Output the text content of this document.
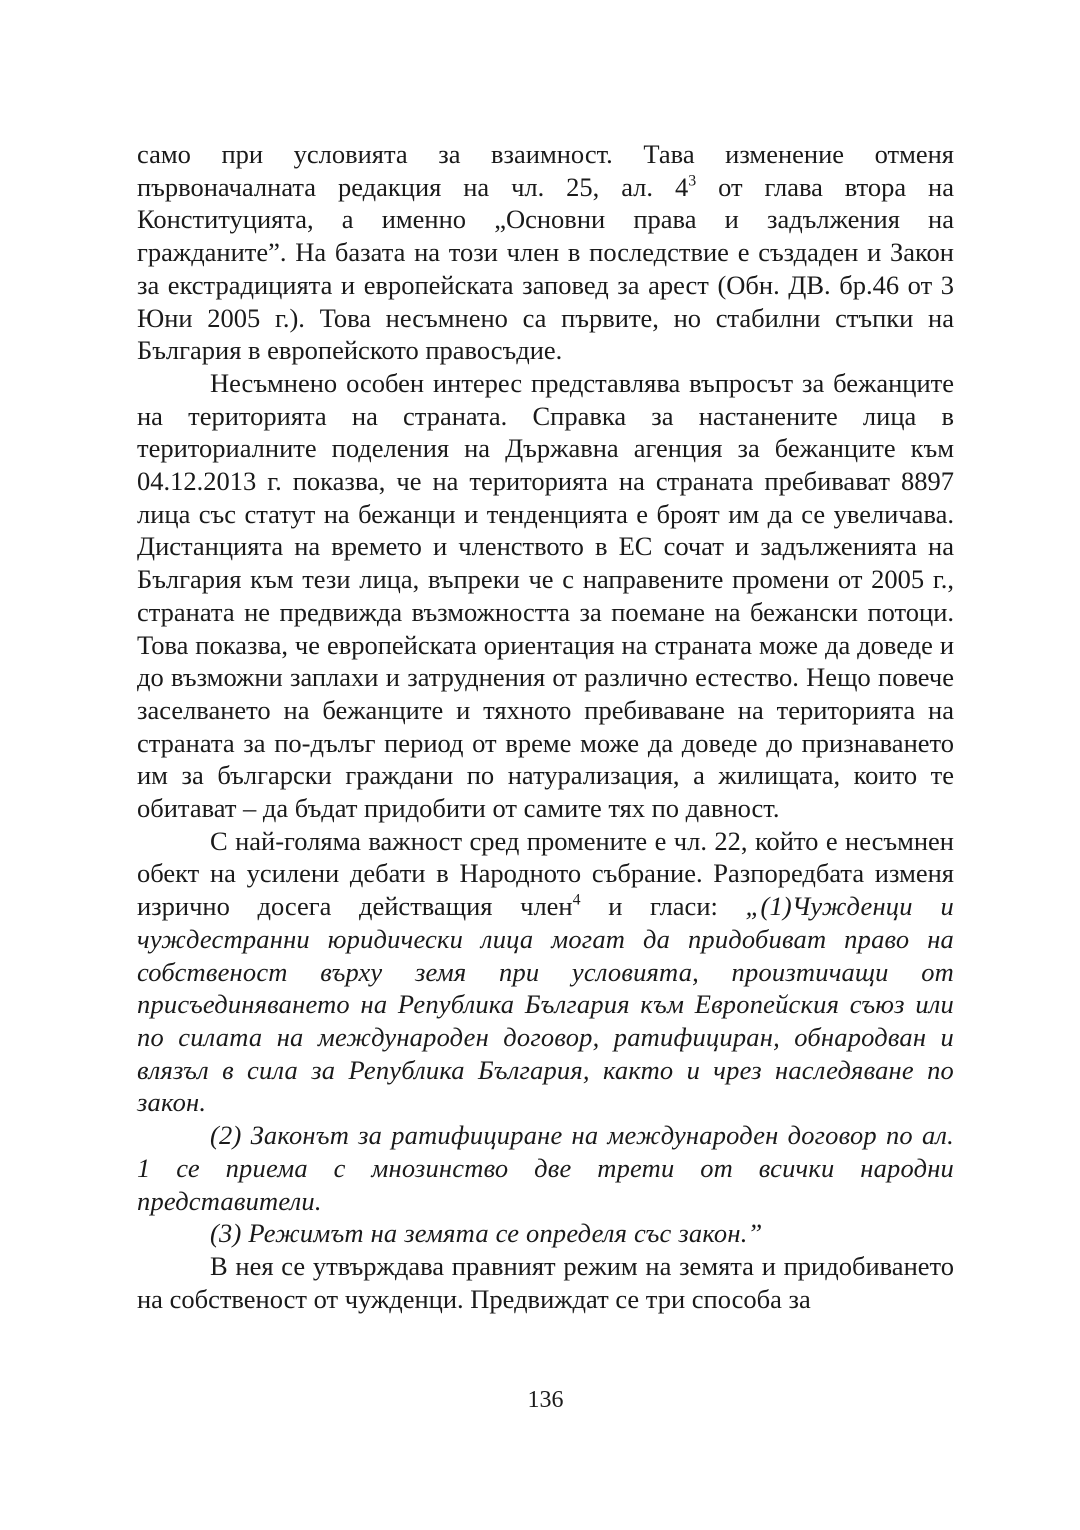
само при условията за взаимност. Тава изменение отменя първоначалната редакция на чл. 25, ал. $4^3$ от глава втора на Конституцията, а именно „Основни права и задължения на гражданите”. На базата на този член в последствие е създаден и Закон за екстрадицията и европейската заповед за арест (Обн. ДВ. бр.46 от 3 Юни 2005 г.). Това несъмнено са първите, но стабилни стъпки на България в европейското правосъдие.

Несъмнено особен интерес представлява въпросът за бежанците на територията на страната. Справка за настанените лица в териториалните поделения на Държавна агенция за бежанците към 04.12.2013 г. показва, че на територията на страната пребивават 8897 лица със статут на бежанци и тенденцията е броят им да се увеличава. Дистанцията на времето и членството в ЕС сочат и задълженията на България към тези лица, въпреки че с направените промени от 2005 г., страната не предвижда възможността за поемане на бежански потоци. Това показва, че европейската ориентация на страната може да доведе и до възможни заплахи и затруднения от различно естество. Нещо повече заселването на бежанците и тяхното пребиваване на територията на страната за по-дълъг период от време може да доведе до признаването им за български граждани по натурализация, а жилищата, които те обитават – да бъдат придобити от самите тях по давност.

С най-голяма важност сред промените е чл. 22, който е несъмнен обект на усилени дебати в Народното събрание. Разпоредбата изменя изрично досега действащия член$^4$ и гласи: „(1)Чужденци и чуждестранни юридически лица могат да придобиват право на собственост върху земя при условията, произтичащи от присъединяването на Република България към Европейския съюз или по силата на международен договор, ратифициран, обнародван и влязъл в сила за Република България, както и чрез наследяване по закон.

(2) Законът за ратифициране на международен договор по ал. 1 се приема с мнозинство две трети от всички народни представители.

(3) Режимът на земята се определя със закон.”

В нея се утвърждава правният режим на земята и придобиването на собственост от чужденци. Предвиждат се три способа за

136
